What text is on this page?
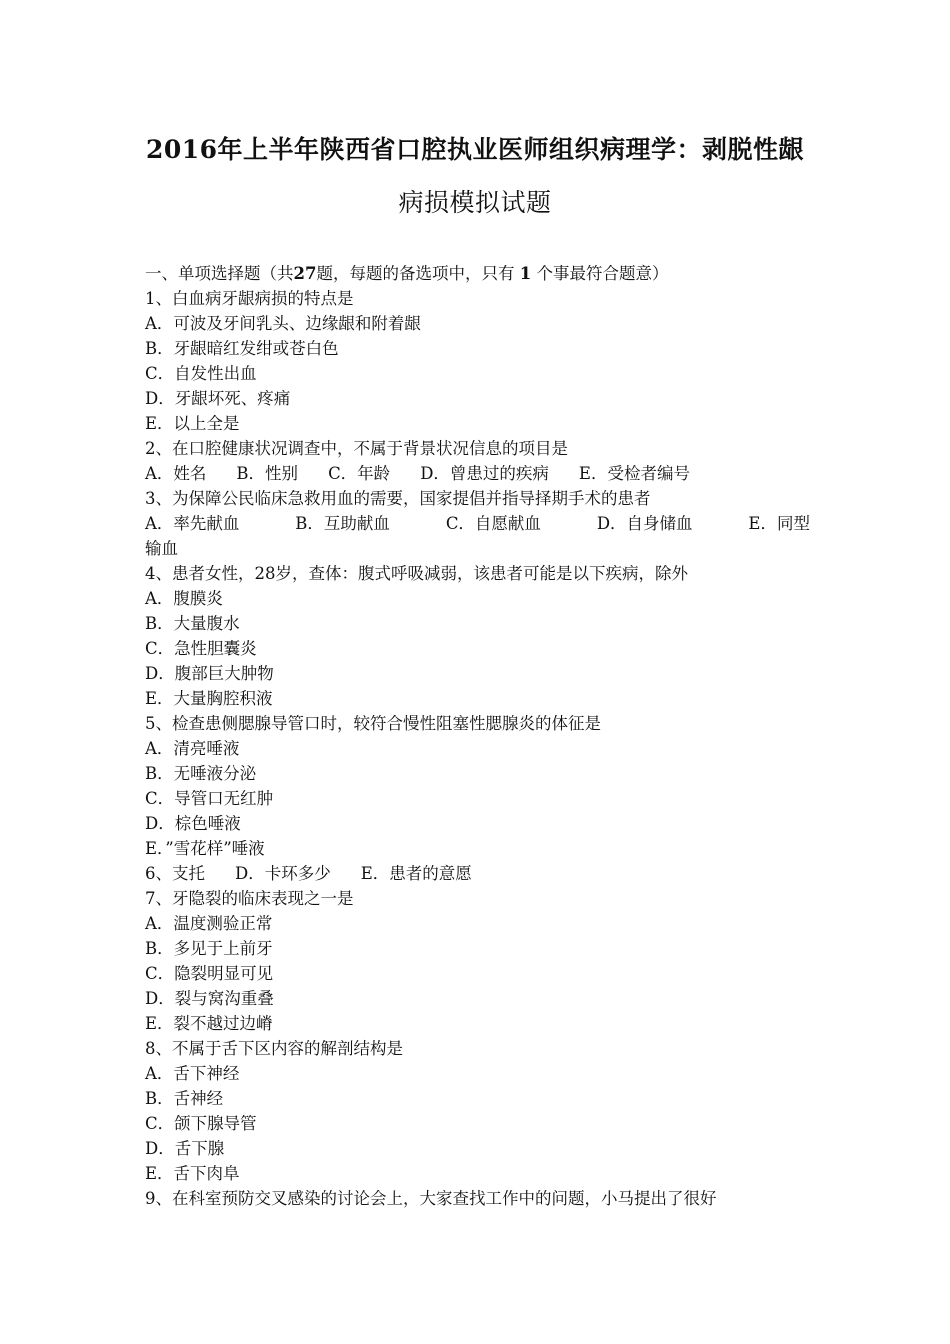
2016年上半年陕西省口腔执业医师组织病理学：剥脱性龈
病损模拟试题
一、单项选择题（共27题，每题的备选项中，只有 1 个事最符合题意）
1、白血病牙龈病损的特点是
A．可波及牙间乳头、边缘龈和附着龈
B．牙龈暗红发绀或苍白色
C．自发性出血
D．牙龈坏死、疼痛
E．以上全是
2、在口腔健康状况调查中，不属于背景状况信息的项目是
A．姓名 B．性别 C．年龄 D．曾患过的疾病 E．受检者编号
3、为保障公民临床急救用血的需要，国家提倡并指导择期手术的患者
A．率先献血	B．互助献血	C．自愿献血	D．自身储血	E．同型
输血
4、患者女性，28岁，查体：腹式呼吸减弱，该患者可能是以下疾病，除外
A．腹膜炎
B．大量腹水
C．急性胆囊炎
D．腹部巨大肿物
E．大量胸腔积液
5、检查患侧腮腺导管口时，较符合慢性阻塞性腮腺炎的体征是
A．清亮唾液
B．无唾液分泌
C．导管口无红肿
D．棕色唾液
E．”雪花样”唾液
6、支托 D．卡环多少 E．患者的意愿
7、牙隐裂的临床表现之一是
A．温度测验正常
B．多见于上前牙
C．隐裂明显可见
D．裂与窝沟重叠
E．裂不越过边嵴
8、不属于舌下区内容的解剖结构是
A．舌下神经
B．舌神经
C．颌下腺导管
D．舌下腺
E．舌下肉阜
9、在科室预防交叉感染的讨论会上，大家查找工作中的问题，小马提出了很好
